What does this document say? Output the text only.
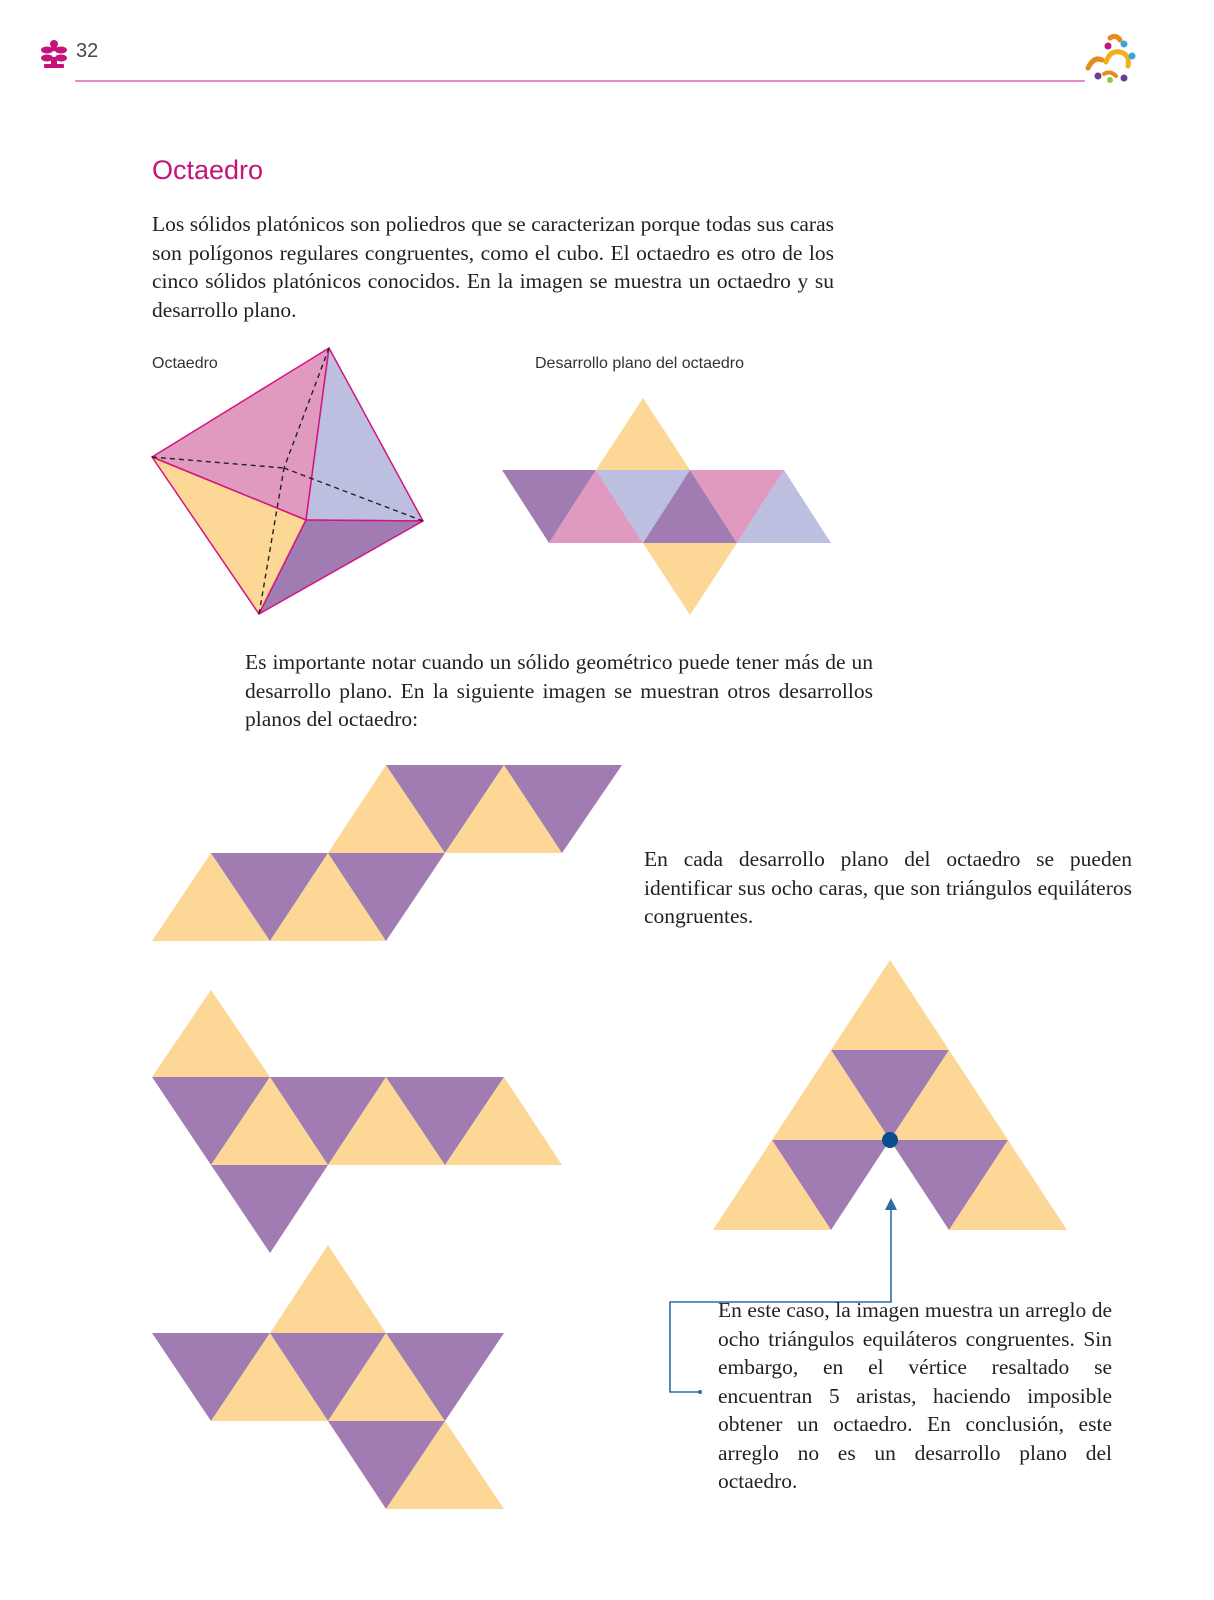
32
Octaedro

Los sólidos platónicos son poliedros que se caracterizan porque todas sus caras son polígonos regulares congruentes, como el cubo. El octaedro es otro de los cinco sólidos platónicos conocidos. En la imagen se muestra un octaedro y su desarrollo plano.

Octaedro	Desarrollo plano del octaedro

Es importante notar cuando un sólido geométrico puede tener más de un desarrollo plano. En la siguiente imagen se muestran otros desarrollos planos del octaedro:

En cada desarrollo plano del octaedro se pueden identificar sus ocho caras, que son triángulos equiláteros congruentes.

En este caso, la imagen muestra un arreglo de ocho triángulos equiláteros congruentes. Sin embargo, en el vértice resaltado se encuentran 5 aristas, haciendo imposible obtener un octaedro. En conclusión, este arreglo no es un desarrollo plano del octaedro.
